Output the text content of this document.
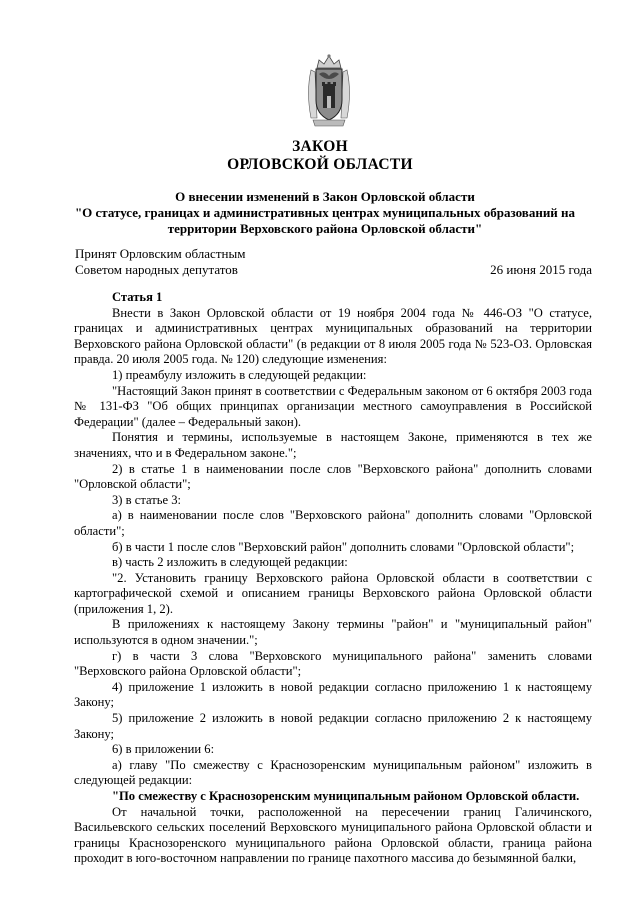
ЗАКОН
ОРЛОВСКОЙ ОБЛАСТИ
О внесении изменений в Закон Орловской области
"О статусе, границах и административных центрах муниципальных образований на
территории Верховского района Орловской области"
Принят Орловским областным
Советом народных депутатов	26 июня 2015 года

Статья 1

Внести в Закон Орловской области от 19 ноября 2004 года № 446-ОЗ "О статусе, границах и административных центрах муниципальных образований на территории Верховского района Орловской области" (в редакции от 8 июля 2005 года № 523-ОЗ. Орловская правда. 20 июля 2005 года. № 120) следующие изменения:

1) преамбулу изложить в следующей редакции:

"Настоящий Закон принят в соответствии с Федеральным законом от 6 октября 2003 года № 131-ФЗ "Об общих принципах организации местного самоуправления в Российской Федерации" (далее – Федеральный закон).

Понятия и термины, используемые в настоящем Законе, применяются в тех же значениях, что и в Федеральном законе.";

2) в статье 1 в наименовании после слов "Верховского района" дополнить словами "Орловской области";

3) в статье 3:

а) в наименовании после слов "Верховского района" дополнить словами "Орловской области";

б) в части 1 после слов "Верховский район" дополнить словами "Орловской области";

в) часть 2 изложить в следующей редакции:

"2. Установить границу Верховского района Орловской области в соответствии с картографической схемой и описанием границы Верховского района Орловской области (приложения 1, 2).

В приложениях к настоящему Закону термины "район" и "муниципальный район" используются в одном значении.";

г) в части 3 слова "Верховского муниципального района" заменить словами "Верховского района Орловской области";

4) приложение 1 изложить в новой редакции согласно приложению 1 к настоящему Закону;

5) приложение 2 изложить в новой редакции согласно приложению 2 к настоящему Закону;

6) в приложении 6:

а) главу "По смежеству с Краснозоренским муниципальным районом" изложить в следующей редакции:

"По смежеству с Краснозоренским муниципальным районом Орловской области.

От начальной точки, расположенной на пересечении границ Галичинского, Васильевского сельских поселений Верховского муниципального района Орловской области и границы Краснозоренского муниципального района Орловской области, граница района проходит в юго-восточном направлении по границе пахотного массива до безымянной балки,
